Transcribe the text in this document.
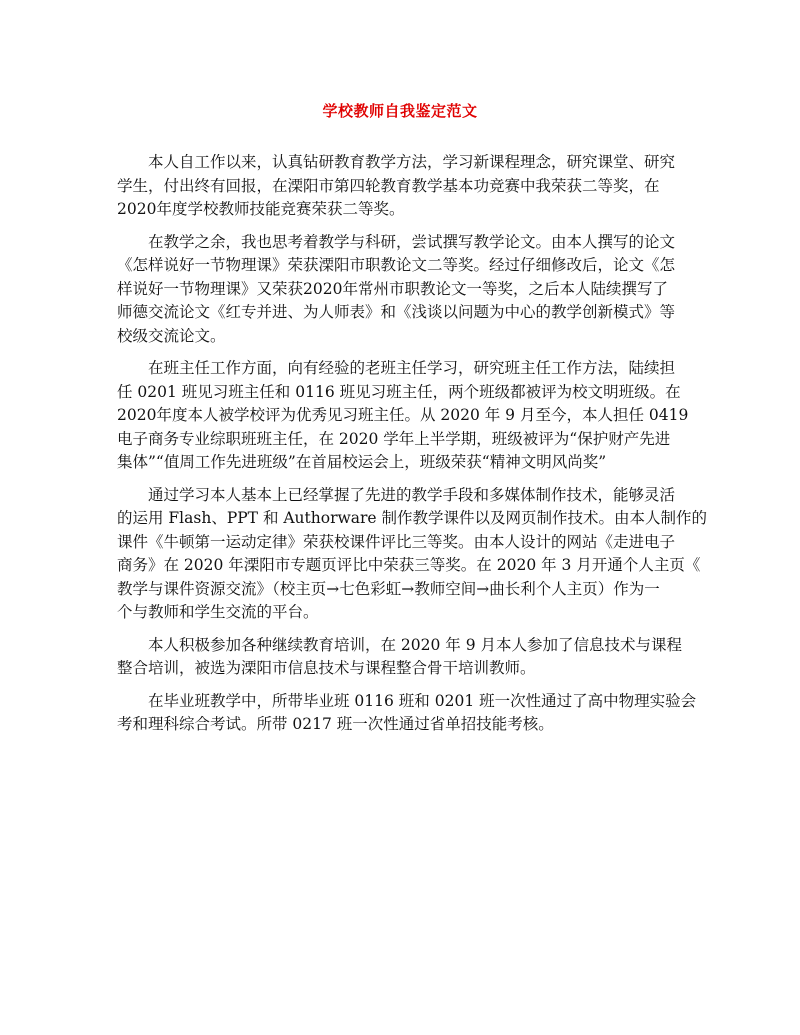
学校教师自我鉴定范文
本人自工作以来，认真钻研教育教学方法，学习新课程理念，研究课堂、研究
学生，付出终有回报，在溧阳市第四轮教育教学基本功竞赛中我荣获二等奖，在
2020年度学校教师技能竞赛荣获二等奖。
在教学之余，我也思考着教学与科研，尝试撰写教学论文。由本人撰写的论文
《怎样说好一节物理课》荣获溧阳市职教论文二等奖。经过仔细修改后，论文《怎
样说好一节物理课》又荣获2020年常州市职教论文一等奖，之后本人陆续撰写了
师德交流论文《红专并进、为人师表》和《浅谈以问题为中心的教学创新模式》等
校级交流论文。
在班主任工作方面，向有经验的老班主任学习，研究班主任工作方法，陆续担
任 0201 班见习班主任和 0116 班见习班主任，两个班级都被评为校文明班级。在
2020年度本人被学校评为优秀见习班主任。从 2020 年 9 月至今，本人担任 0419
电子商务专业综职班班主任，在 2020 学年上半学期，班级被评为“保护财产先进
集体”“值周工作先进班级”在首届校运会上，班级荣获“精神文明风尚奖”
通过学习本人基本上已经掌握了先进的教学手段和多媒体制作技术，能够灵活
的运用 Flash、PPT 和 Authorware 制作教学课件以及网页制作技术。由本人制作的
课件《牛顿第一运动定律》荣获校课件评比三等奖。由本人设计的网站《走进电子
商务》在 2020 年溧阳市专题页评比中荣获三等奖。在 2020 年 3 月开通个人主页《
教学与课件资源交流》（校主页→七色彩虹→教师空间→曲长利个人主页）作为一
个与教师和学生交流的平台。
本人积极参加各种继续教育培训，在 2020 年 9 月本人参加了信息技术与课程
整合培训，被选为溧阳市信息技术与课程整合骨干培训教师。
在毕业班教学中，所带毕业班 0116 班和 0201 班一次性通过了高中物理实验会
考和理科综合考试。所带 0217 班一次性通过省单招技能考核。
